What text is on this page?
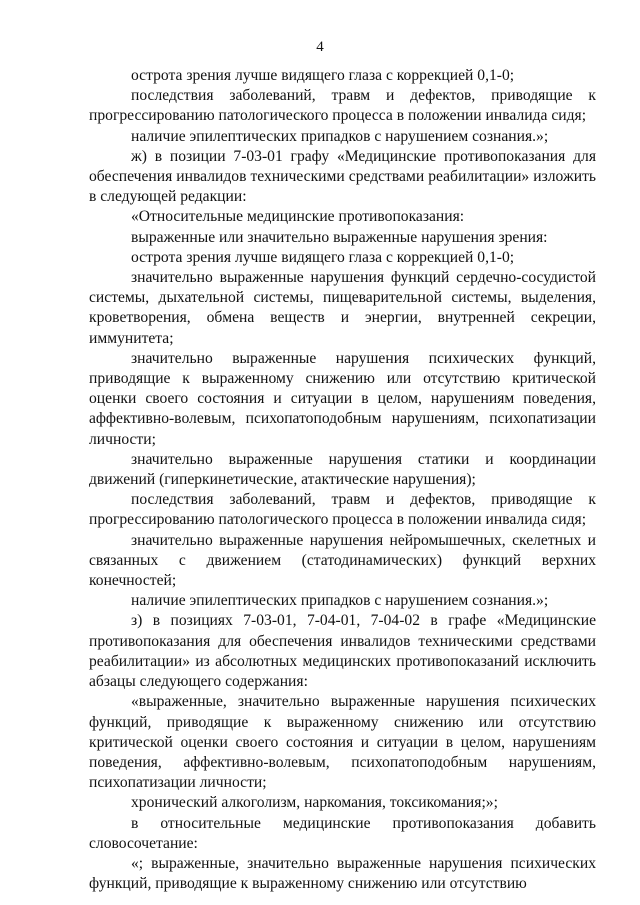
4

острота зрения лучше видящего глаза с коррекцией 0,1-0;

последствия заболеваний, травм и дефектов, приводящие к прогрессированию патологического процесса в положении инвалида сидя;

наличие эпилептических припадков с нарушением сознания.»;

ж) в позиции 7-03-01 графу «Медицинские противопоказания для обеспечения инвалидов техническими средствами реабилитации» изложить в следующей редакции:

«Относительные медицинские противопоказания:

выраженные или значительно выраженные нарушения зрения:

острота зрения лучше видящего глаза с коррекцией 0,1-0;

значительно выраженные нарушения функций сердечно-сосудистой системы, дыхательной системы, пищеварительной системы, выделения, кроветворения, обмена веществ и энергии, внутренней секреции, иммунитета;

значительно выраженные нарушения психических функций, приводящие к выраженному снижению или отсутствию критической оценки своего состояния и ситуации в целом, нарушениям поведения, аффективно-волевым, психопатоподобным нарушениям, психопатизации личности;

значительно выраженные нарушения статики и координации движений (гиперкинетические, атактические нарушения);

последствия заболеваний, травм и дефектов, приводящие к прогрессированию патологического процесса в положении инвалида сидя;

значительно выраженные нарушения нейромышечных, скелетных и связанных с движением (статодинамических) функций верхних конечностей;

наличие эпилептических припадков с нарушением сознания.»;

з) в позициях 7-03-01, 7-04-01, 7-04-02 в графе «Медицинские противопоказания для обеспечения инвалидов техническими средствами реабилитации» из абсолютных медицинских противопоказаний исключить абзацы следующего содержания:

«выраженные, значительно выраженные нарушения психических функций, приводящие к выраженному снижению или отсутствию критической оценки своего состояния и ситуации в целом, нарушениям поведения, аффективно-волевым, психопатоподобным нарушениям, психопатизации личности;

хронический алкоголизм, наркомания, токсикомания;»;

в относительные медицинские противопоказания добавить словосочетание:

«; выраженные, значительно выраженные нарушения психических функций, приводящие к выраженному снижению или отсутствию
